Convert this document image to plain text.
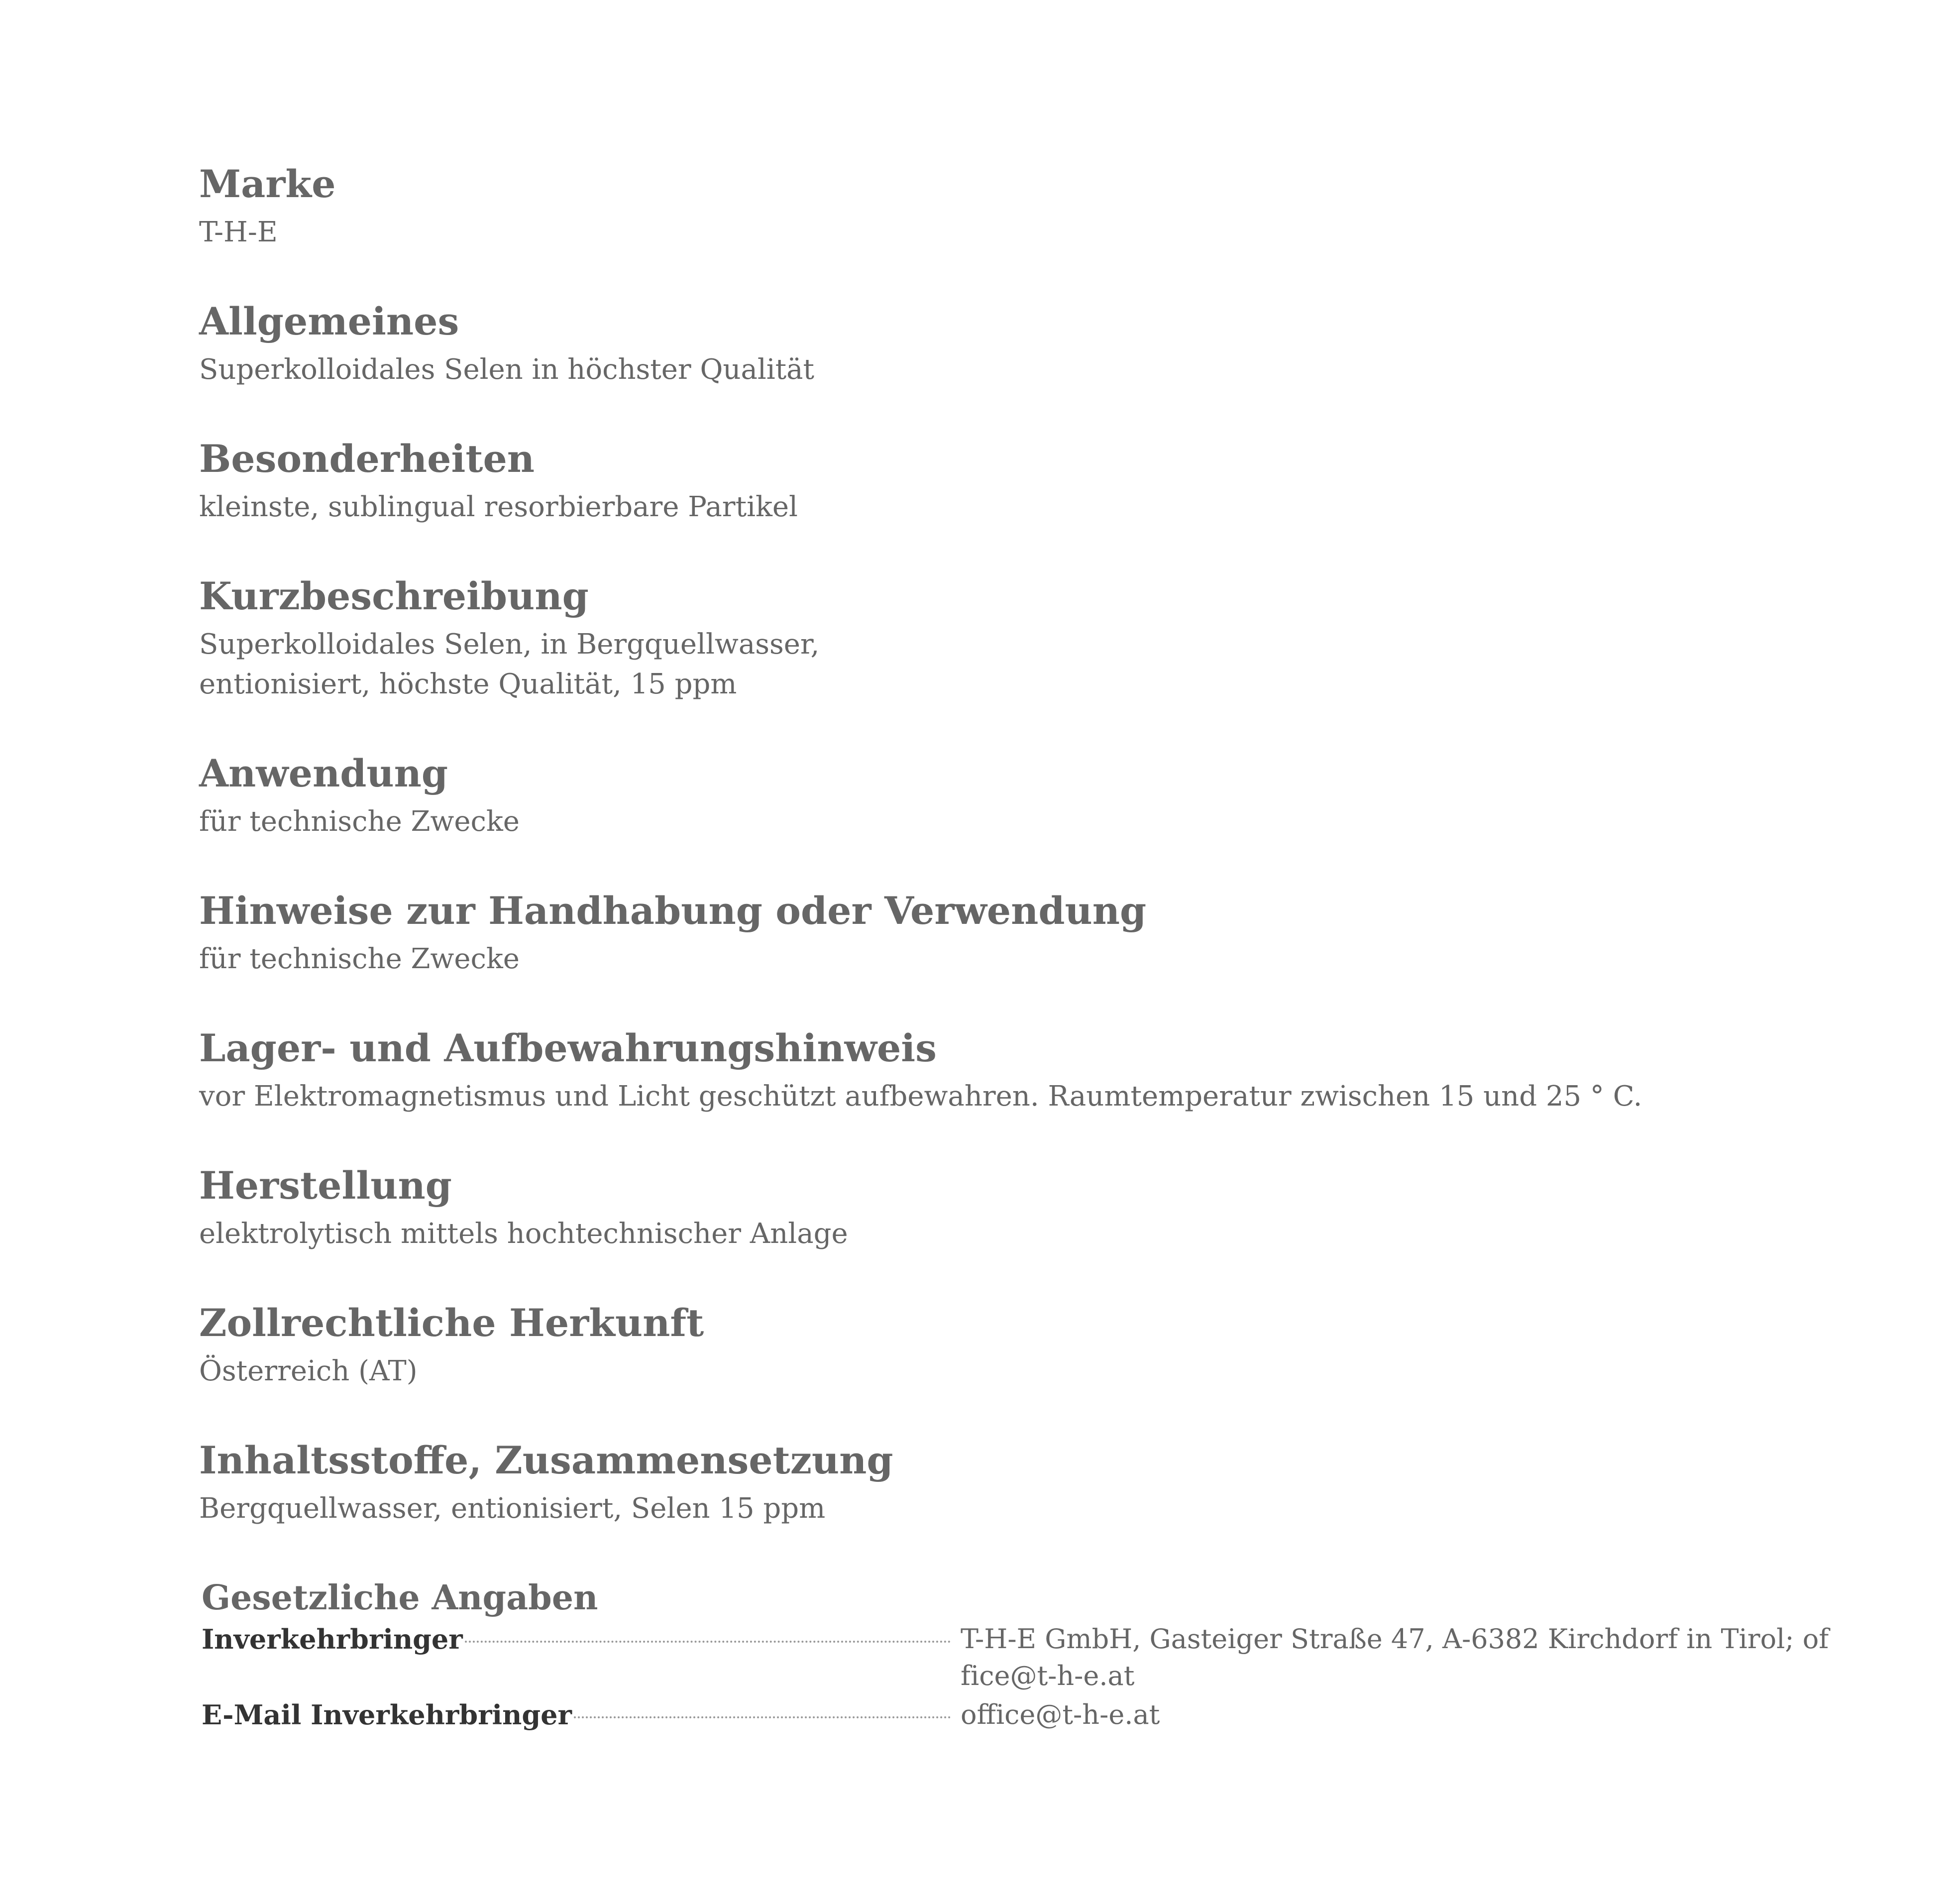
Marke

T-H-E

Allgemeines

Superkolloidales Selen in höchster Qualität

Besonderheiten

kleinste, sublingual resorbierbare Partikel

Kurzbeschreibung

Superkolloidales Selen, in Bergquellwasser,
entionisiert, höchste Qualität, 15 ppm

Anwendung

für technische Zwecke

Hinweise zur Handhabung oder Verwendung

für technische Zwecke

Lager- und Aufbewahrungshinweis

vor Elektromagnetismus und Licht geschützt aufbewahren. Raumtemperatur zwischen 15 und 25 ° C.

Herstellung

elektrolytisch mittels hochtechnischer Anlage

Zollrechtliche Herkunft

Österreich (AT)

Inhaltsstoffe, Zusammensetzung

Bergquellwasser, entionisiert, Selen 15 ppm

Gesetzliche Angaben
Inverkehrbringer	T-H-E GmbH, Gasteiger Straße 47, A-6382 Kirchdorf in Tirol; office@t-h-e.at
E-Mail Inverkehrbringer	office@t-h-e.at
